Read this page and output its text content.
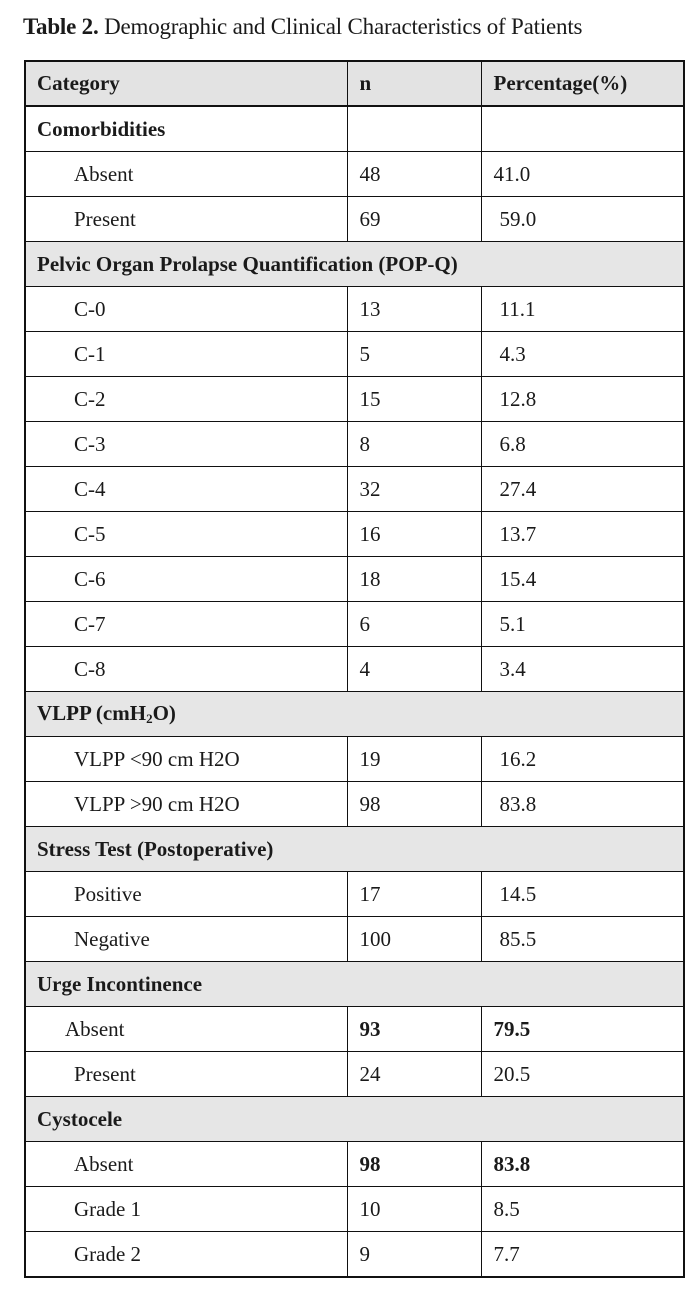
Table 2. Demographic and Clinical Characteristics of Patients
Category	n	Percentage(%)
Comorbidities		
Absent	48	41.0
Present	69	59.0
Pelvic Organ Prolapse Quantification (POP-Q)		
C-0	13	11.1
C-1	5	4.3
C-2	15	12.8
C-3	8	6.8
C-4	32	27.4
C-5	16	13.7
C-6	18	15.4
C-7	6	5.1
C-8	4	3.4
VLPP (cmH$_2$O)		
VLPP <90 cm H2O	19	16.2
VLPP >90 cm H2O	98	83.8
Stress Test (Postoperative)		
Positive	17	14.5
Negative	100	85.5
Urge Incontinence		
Absent	93	79.5
Present	24	20.5
Cystocele		
Absent	98	83.8
Grade 1	10	8.5
Grade 2	9	7.7
